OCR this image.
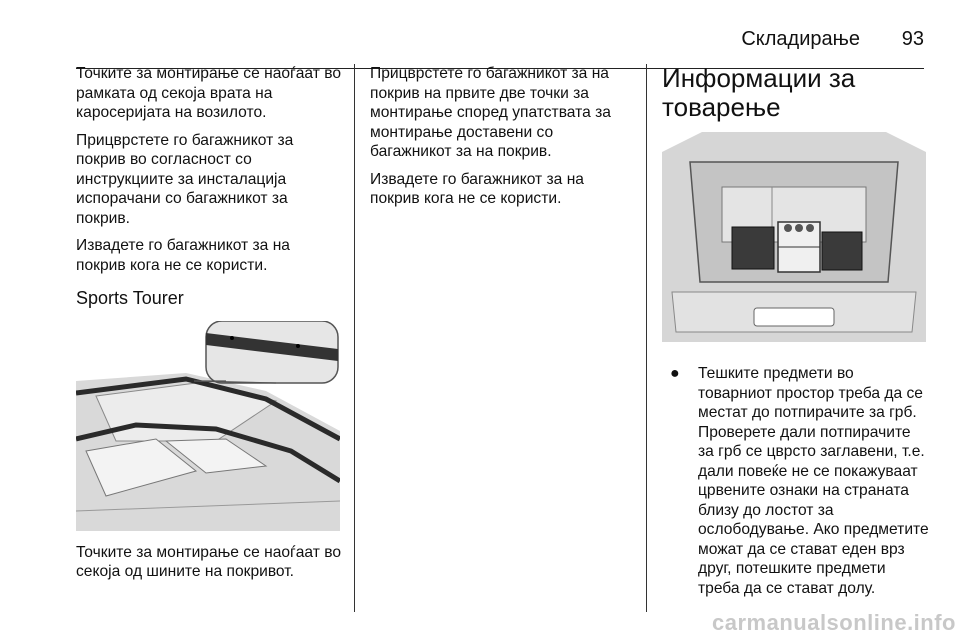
Складирање 93

Точките за монтирање се наоѓаат во рамката од секоја врата на каросеријата на возилото.

Прицврстете го багажникот за покрив во согласност со инструкциите за инсталација испорачани со багажникот за покрив.

Извадете го багажникот за на покрив кога не се користи.

Sports Tourer

Точките за монтирање се наоѓаат во секоја од шините на покривот.

Прицврстете го багажникот за на покрив на првите две точки за монтирање според упатствата за монтирање доставени со багажникот за на покрив.

Извадете го багажникот за на покрив кога не се користи.

Информации за товарење
●	Тешките предмети во товарниот простор треба да се местат до потпирачите за грб. Проверете дали потпирачите за грб се цврсто заглавени, т.е. дали повеќе не се покажуваат црвените ознаки на страната близу до лостот за ослободување. Ако предметите можат да се стават еден врз друг, потешките предмети треба да се стават долу.
carmanualsonline.info
